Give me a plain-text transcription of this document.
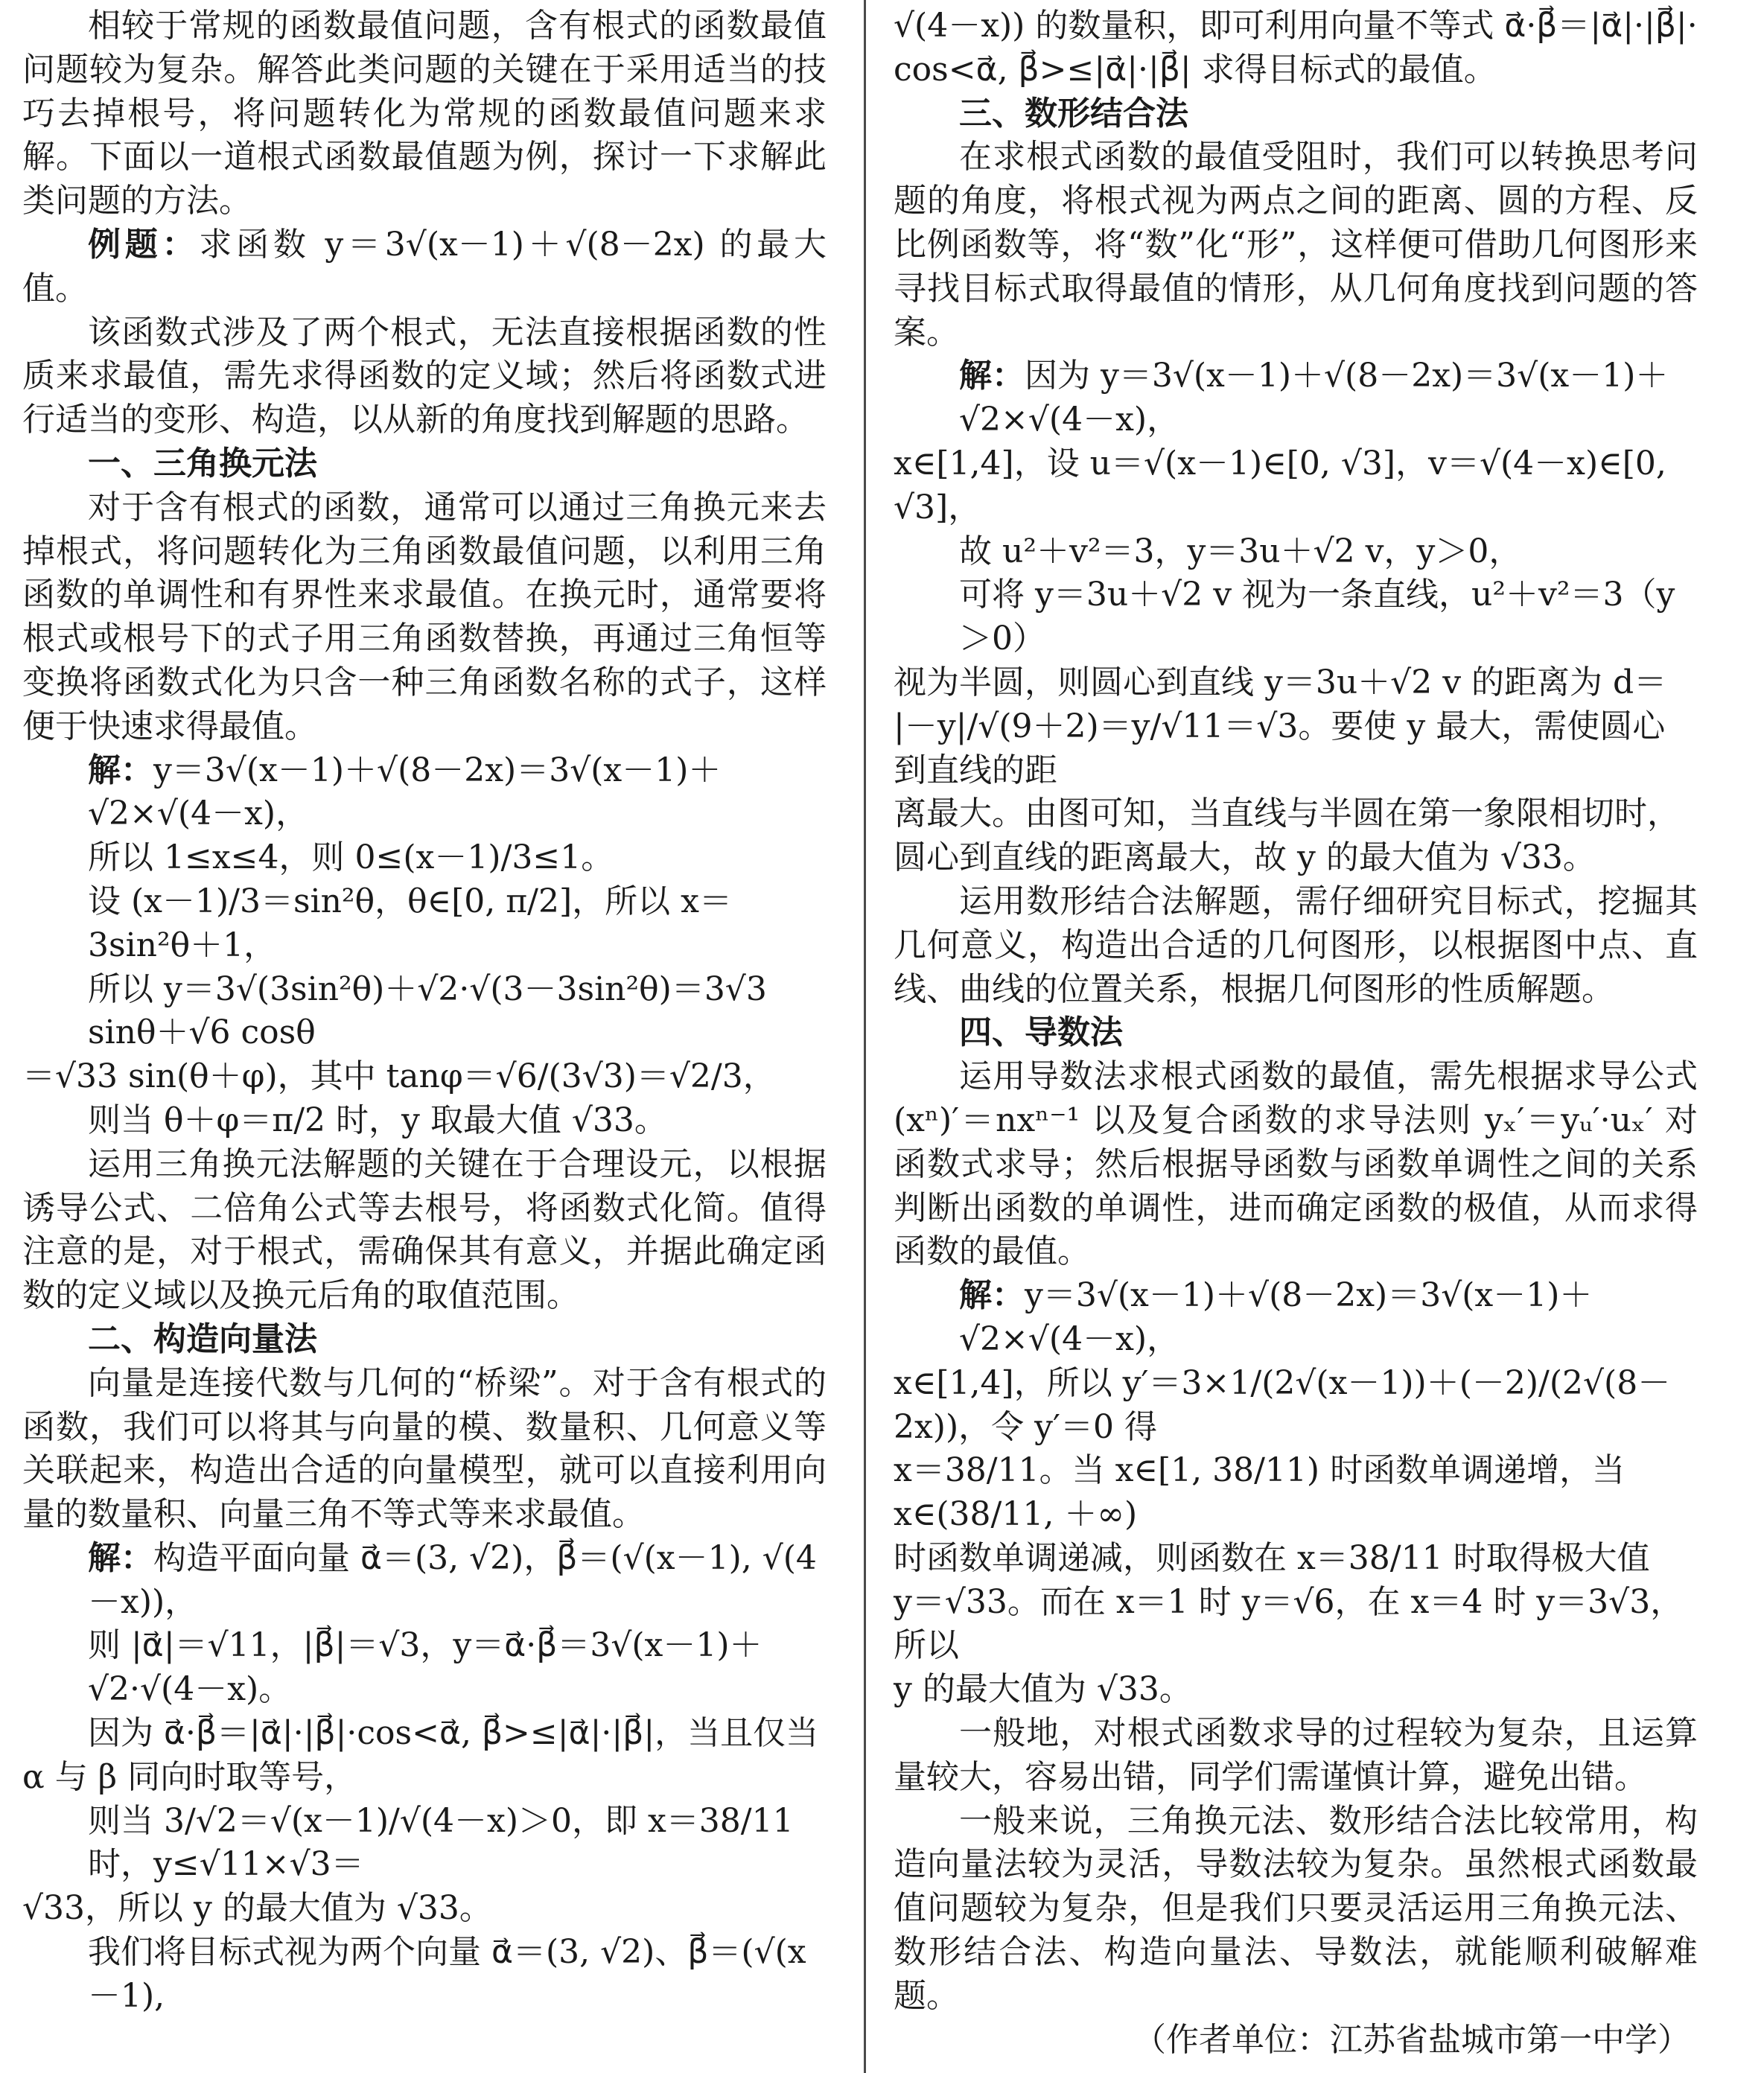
相较于常规的函数最值问题，含有根式的函数最值问题较为复杂。解答此类问题的关键在于采用适当的技巧去掉根号，将问题转化为常规的函数最值问题来求解。下面以一道根式函数最值题为例，探讨一下求解此类问题的方法。

例题：求函数 y＝3√(x－1)＋√(8－2x) 的最大值。

该函数式涉及了两个根式，无法直接根据函数的性质来求最值，需先求得函数的定义域；然后将函数式进行适当的变形、构造，以从新的角度找到解题的思路。

一、三角换元法

对于含有根式的函数，通常可以通过三角换元来去掉根式，将问题转化为三角函数最值问题，以利用三角函数的单调性和有界性来求最值。在换元时，通常要将根式或根号下的式子用三角函数替换，再通过三角恒等变换将函数式化为只含一种三角函数名称的式子，这样便于快速求得最值。

解：y＝3√(x－1)＋√(8－2x)＝3√(x－1)＋√2×√(4－x)，

所以 1≤x≤4，则 0≤(x－1)/3≤1。

设 (x－1)/3＝sin²θ，θ∈[0, π/2]，所以 x＝3sin²θ＋1，

所以 y＝3√(3sin²θ)＋√2·√(3－3sin²θ)＝3√3 sinθ＋√6 cosθ

＝√33 sin(θ＋φ)，其中 tanφ＝√6/(3√3)＝√2/3，

则当 θ＋φ＝π/2 时，y 取最大值 √33。

运用三角换元法解题的关键在于合理设元，以根据诱导公式、二倍角公式等去根号，将函数式化简。值得注意的是，对于根式，需确保其有意义，并据此确定函数的定义域以及换元后角的取值范围。

二、构造向量法

向量是连接代数与几何的“桥梁”。对于含有根式的函数，我们可以将其与向量的模、数量积、几何意义等关联起来，构造出合适的向量模型，就可以直接利用向量的数量积、向量三角不等式等来求最值。

解：构造平面向量 α⃗＝(3, √2)，β⃗＝(√(x－1), √(4－x))，

则 |α⃗|＝√11，|β⃗|＝√3，y＝α⃗·β⃗＝3√(x－1)＋√2·√(4－x)。

因为 α⃗·β⃗＝|α⃗|·|β⃗|·cos<α⃗, β⃗>≤|α⃗|·|β⃗|，当且仅当

α 与 β 同向时取等号，

则当 3/√2＝√(x－1)/√(4－x)＞0，即 x＝38/11 时，y≤√11×√3＝

√33，所以 y 的最大值为 √33。

我们将目标式视为两个向量 α⃗＝(3, √2)、β⃗＝(√(x－1),

√(4－x)) 的数量积，即可利用向量不等式 α⃗·β⃗＝|α⃗|·|β⃗|·

cos<α⃗, β⃗>≤|α⃗|·|β⃗| 求得目标式的最值。

三、数形结合法

在求根式函数的最值受阻时，我们可以转换思考问题的角度，将根式视为两点之间的距离、圆的方程、反比例函数等，将“数”化“形”，这样便可借助几何图形来寻找目标式取得最值的情形，从几何角度找到问题的答案。

解：因为 y＝3√(x－1)＋√(8－2x)＝3√(x－1)＋√2×√(4－x)，

x∈[1,4]，设 u＝√(x－1)∈[0, √3]，v＝√(4－x)∈[0, √3]，

故 u²＋v²＝3，y＝3u＋√2 v，y＞0，

可将 y＝3u＋√2 v 视为一条直线，u²＋v²＝3（y＞0）

视为半圆，则圆心到直线 y＝3u＋√2 v 的距离为 d＝

|－y|/√(9＋2)＝y/√11＝√3。要使 y 最大，需使圆心到直线的距

离最大。由图可知，当直线与半圆在第一象限相切时，

圆心到直线的距离最大，故 y 的最大值为 √33。

运用数形结合法解题，需仔细研究目标式，挖掘其几何意义，构造出合适的几何图形，以根据图中点、直线、曲线的位置关系，根据几何图形的性质解题。

四、导数法

运用导数法求根式函数的最值，需先根据求导公式 (xⁿ)′＝nxⁿ⁻¹ 以及复合函数的求导法则 yₓ′＝yᵤ′·uₓ′ 对函数式求导；然后根据导函数与函数单调性之间的关系判断出函数的单调性，进而确定函数的极值，从而求得函数的最值。

解：y＝3√(x－1)＋√(8－2x)＝3√(x－1)＋√2×√(4－x)，

x∈[1,4]，所以 y′＝3×1/(2√(x－1))＋(－2)/(2√(8－2x))，令 y′＝0 得

x＝38/11。当 x∈[1, 38/11) 时函数单调递增，当 x∈(38/11, ＋∞)

时函数单调递减，则函数在 x＝38/11 时取得极大值

y＝√33。而在 x＝1 时 y＝√6，在 x＝4 时 y＝3√3，所以

y 的最大值为 √33。

一般地，对根式函数求导的过程较为复杂，且运算量较大，容易出错，同学们需谨慎计算，避免出错。

一般来说，三角换元法、数形结合法比较常用，构造向量法较为灵活，导数法较为复杂。虽然根式函数最值问题较为复杂，但是我们只要灵活运用三角换元法、数形结合法、构造向量法、导数法，就能顺利破解难题。

（作者单位：江苏省盐城市第一中学）
